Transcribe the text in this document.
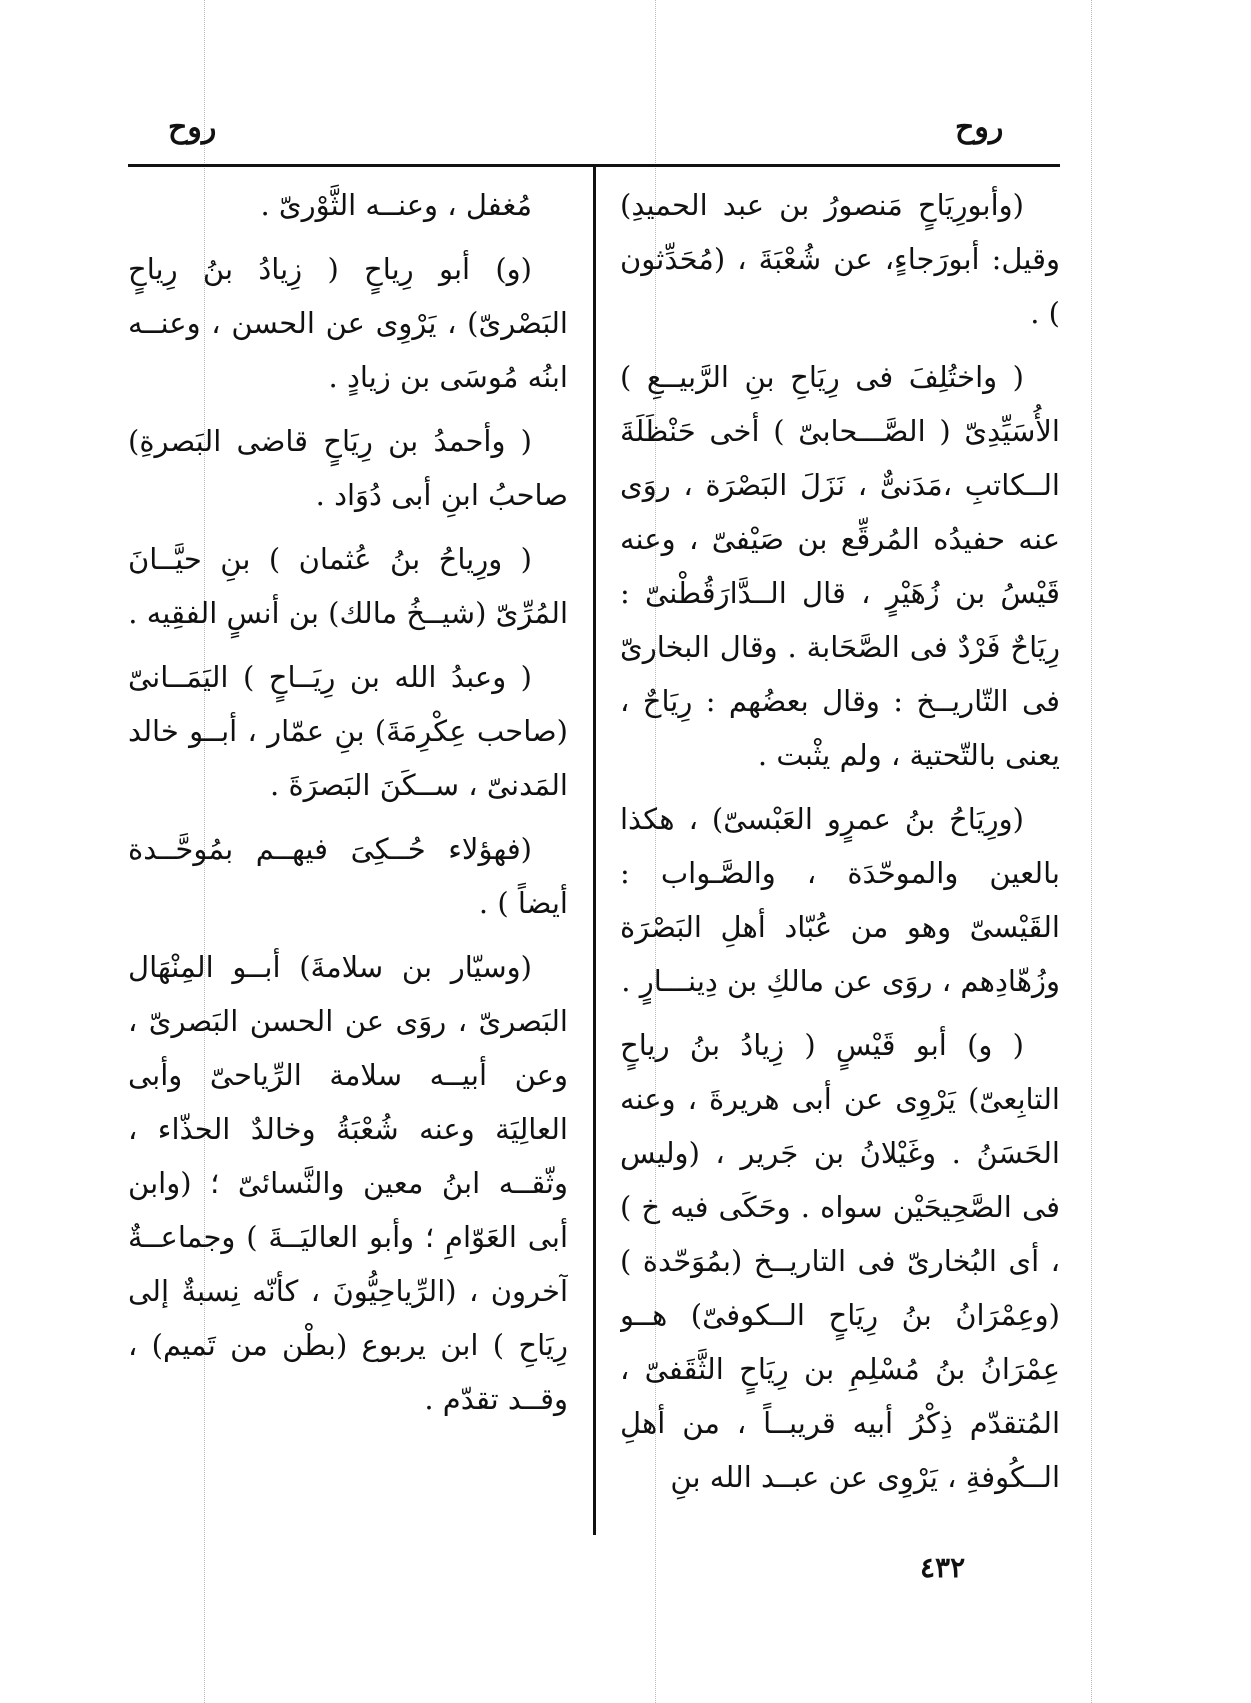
روح	روح

(وأبورِيَاحٍ مَنصورُ بن عبد الحميدِ) وقيل: أبورَجاءٍ، عن شُعْبَةَ ، (مُحَدِّثون ) .

( واختُلِفَ فى رِيَاحِ بنِ الرَّبيــعِ ) الأُسَيِّدِىّ ( الصَّـــحابىّ ) أخى حَنْظَلَةَ الــكاتبِ ،مَدَنىٌّ ، نَزَلَ البَصْرَة ، روَى عنه حفيدُه المُرقِّع بن صَيْفىّ ، وعنه قَيْسُ بن زُهَيْرٍ ، قال الــدَّارَقُطْنىّ : رِيَاحٌ فَرْدٌ فى الصَّحَابة . وقال البخارىّ فى التّاريــخ : وقال بعضُهم : رِيَاحٌ ، يعنى بالتّحتية ، ولم يثْبت .

(ورِيَاحُ بنُ عمرٍو العَبْسىّ) ، هكذا بالعين والموحّدَة ، والصَّـواب : القَيْسىّ وهو من عُبّاد أهلِ البَصْرَة وزُهّادِهم ، روَى عن مالكِ بن دِينـــارٍ .

( و) أبو قَيْسٍ ( زِيادُ بنُ رياحٍ التابِعىّ) يَرْوِى عن أبى هريرةَ ، وعنه الحَسَنُ . وغَيْلانُ بن جَرير ، (وليس فى الصَّحِيحَيْن سواه . وحَكَى فيه خ ) ، أى البُخارىّ فى التاريــخ (بمُوَحّدة ) (وعِمْرَانُ بنُ رِيَاحٍ الــكوفىّ) هــو عِمْرَانُ بنُ مُسْلِمِ بن رِيَاحٍ الثَّقَفىّ ، المُتقدّم ذِكْرُ أبيه قريبــاً ، من أهلِ الــكُوفةِ ، يَرْوِى عن عبــد الله بنِ

مُغفل ، وعنــه الثَّوْرىّ .

(و) أبو رِياحٍ ( زِيادُ بنُ رِياحٍ البَصْرىّ) ، يَرْوِى عن الحسن ، وعنــه ابنُه مُوسَى بن زيادٍ .

( وأحمدُ بن رِيَاحٍ قاضى البَصرةِ) صاحبُ ابنِ أبى دُوَاد .

( ورِياحُ بنُ عُثمان ) بنِ حيَّــانَ المُرِّىّ (شيــخُ مالك) بن أنسٍ الفقِيه .

( وعبدُ الله بن رِيَــاحٍ ) اليَمَــانىّ (صاحب عِكْرِمَةَ) بنِ عمّار ، أبــو خالد المَدنىّ ، ســكَنَ البَصرَةَ .

(فهؤلاء حُــكِىَ فيهــم بمُوحَّــدة أيضاً ) .

(وسيّار بن سلامةَ) أبــو المِنْهَال البَصرىّ ، روَى عن الحسن البَصرىّ ، وعن أبيــه سلامة الرِّياحىّ وأبى العالِيَة وعنه شُعْبَةُ وخالدٌ الحذّاء ، وثّقــه ابنُ معين والنَّسائىّ ؛ (وابن أبى العَوّامِ ؛ وأبو العاليَــةَ ) وجماعــةٌ آخرون ، (الرِّياحِيُّونَ ، كأنّه نِسبةٌ إلى رِيَاحِ ) ابن يربوع (بطْن من تَميم) ، وقــد تقدّم .

٤٣٢
